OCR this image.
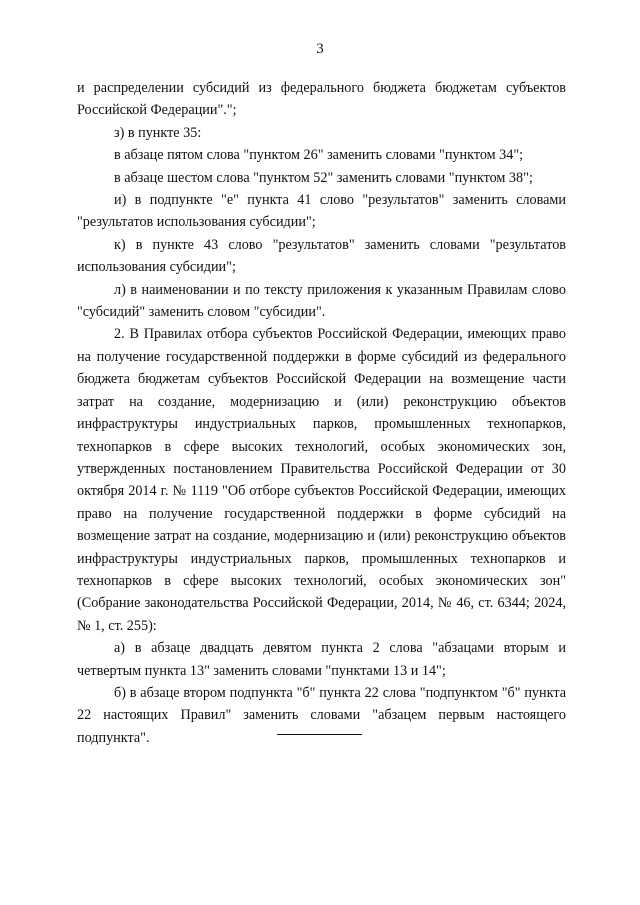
3

и распределении субсидий из федерального бюджета бюджетам субъектов Российской Федерации".";

з) в пункте 35:

в абзаце пятом слова "пунктом 26" заменить словами "пунктом 34";

в абзаце шестом слова "пунктом 52" заменить словами "пунктом 38";

и) в подпункте "е" пункта 41 слово "результатов" заменить словами "результатов использования субсидии";

к) в пункте 43 слово "результатов" заменить словами "результатов использования субсидии";

л) в наименовании и по тексту приложения к указанным Правилам слово "субсидий" заменить словом "субсидии".

2. В Правилах отбора субъектов Российской Федерации, имеющих право на получение государственной поддержки в форме субсидий из федерального бюджета бюджетам субъектов Российской Федерации на возмещение части затрат на создание, модернизацию и (или) реконструкцию объектов инфраструктуры индустриальных парков, промышленных технопарков, технопарков в сфере высоких технологий, особых экономических зон, утвержденных постановлением Правительства Российской Федерации от 30 октября 2014 г. № 1119 "Об отборе субъектов Российской Федерации, имеющих право на получение государственной поддержки в форме субсидий на возмещение затрат на создание, модернизацию и (или) реконструкцию объектов инфраструктуры индустриальных парков, промышленных технопарков и технопарков в сфере высоких технологий, особых экономических зон" (Собрание законодательства Российской Федерации, 2014, № 46, ст. 6344; 2024, № 1, ст. 255):

а) в абзаце двадцать девятом пункта 2 слова "абзацами вторым и четвертым пункта 13" заменить словами "пунктами 13 и 14";

б) в абзаце втором подпункта "б" пункта 22 слова "подпунктом "б" пункта 22 настоящих Правил" заменить словами "абзацем первым настоящего подпункта".
